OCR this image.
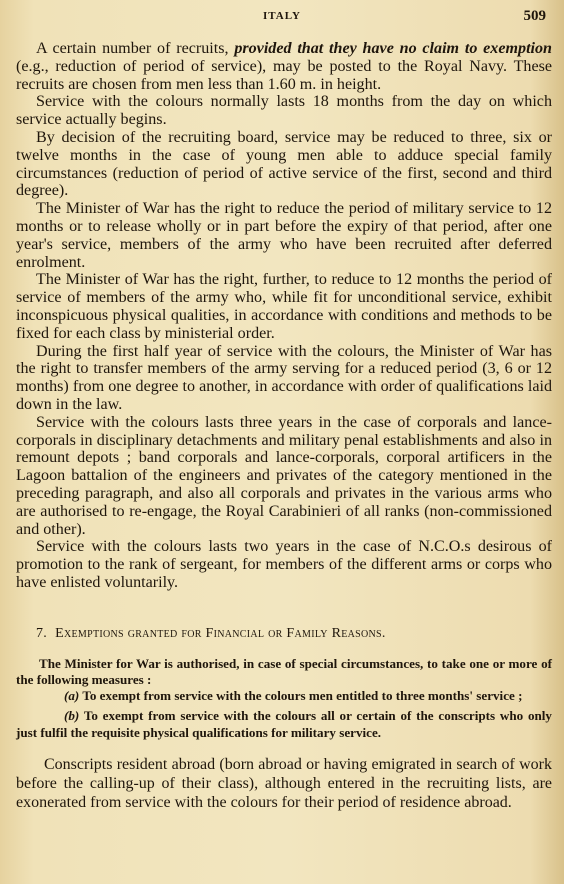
ITALY	509

A certain number of recruits, provided that they have no claim to exemption (e.g., reduction of period of service), may be posted to the Royal Navy. These recruits are chosen from men less than 1.60 m. in height.

Service with the colours normally lasts 18 months from the day on which service actually begins.

By decision of the recruiting board, service may be reduced to three, six or twelve months in the case of young men able to adduce special family circumstances (reduction of period of active service of the first, second and third degree).

The Minister of War has the right to reduce the period of military service to 12 months or to release wholly or in part before the expiry of that period, after one year's service, members of the army who have been recruited after deferred enrolment.

The Minister of War has the right, further, to reduce to 12 months the period of service of members of the army who, while fit for unconditional service, exhibit inconspicuous physical qualities, in accordance with conditions and methods to be fixed for each class by ministerial order.

During the first half year of service with the colours, the Minister of War has the right to transfer members of the army serving for a reduced period (3, 6 or 12 months) from one degree to another, in accordance with order of qualifications laid down in the law.

Service with the colours lasts three years in the case of corporals and lance-corporals in disciplinary detachments and military penal establishments and also in remount depots ; band corporals and lance-corporals, corporal artificers in the Lagoon battalion of the engineers and privates of the category mentioned in the preceding paragraph, and also all corporals and privates in the various arms who are authorised to re-engage, the Royal Carabinieri of all ranks (non-commissioned and other).

Service with the colours lasts two years in the case of N.C.O.s desirous of promotion to the rank of sergeant, for members of the different arms or corps who have enlisted voluntarily.

7. Exemptions granted for Financial or Family Reasons.

The Minister for War is authorised, in case of special circumstances, to take one or more of the following measures :

(a) To exempt from service with the colours men entitled to three months' service ;

(b) To exempt from service with the colours all or certain of the conscripts who only just fulfil the requisite physical qualifications for military service.

Conscripts resident abroad (born abroad or having emigrated in search of work before the calling-up of their class), although entered in the recruiting lists, are exonerated from service with the colours for their period of residence abroad.
